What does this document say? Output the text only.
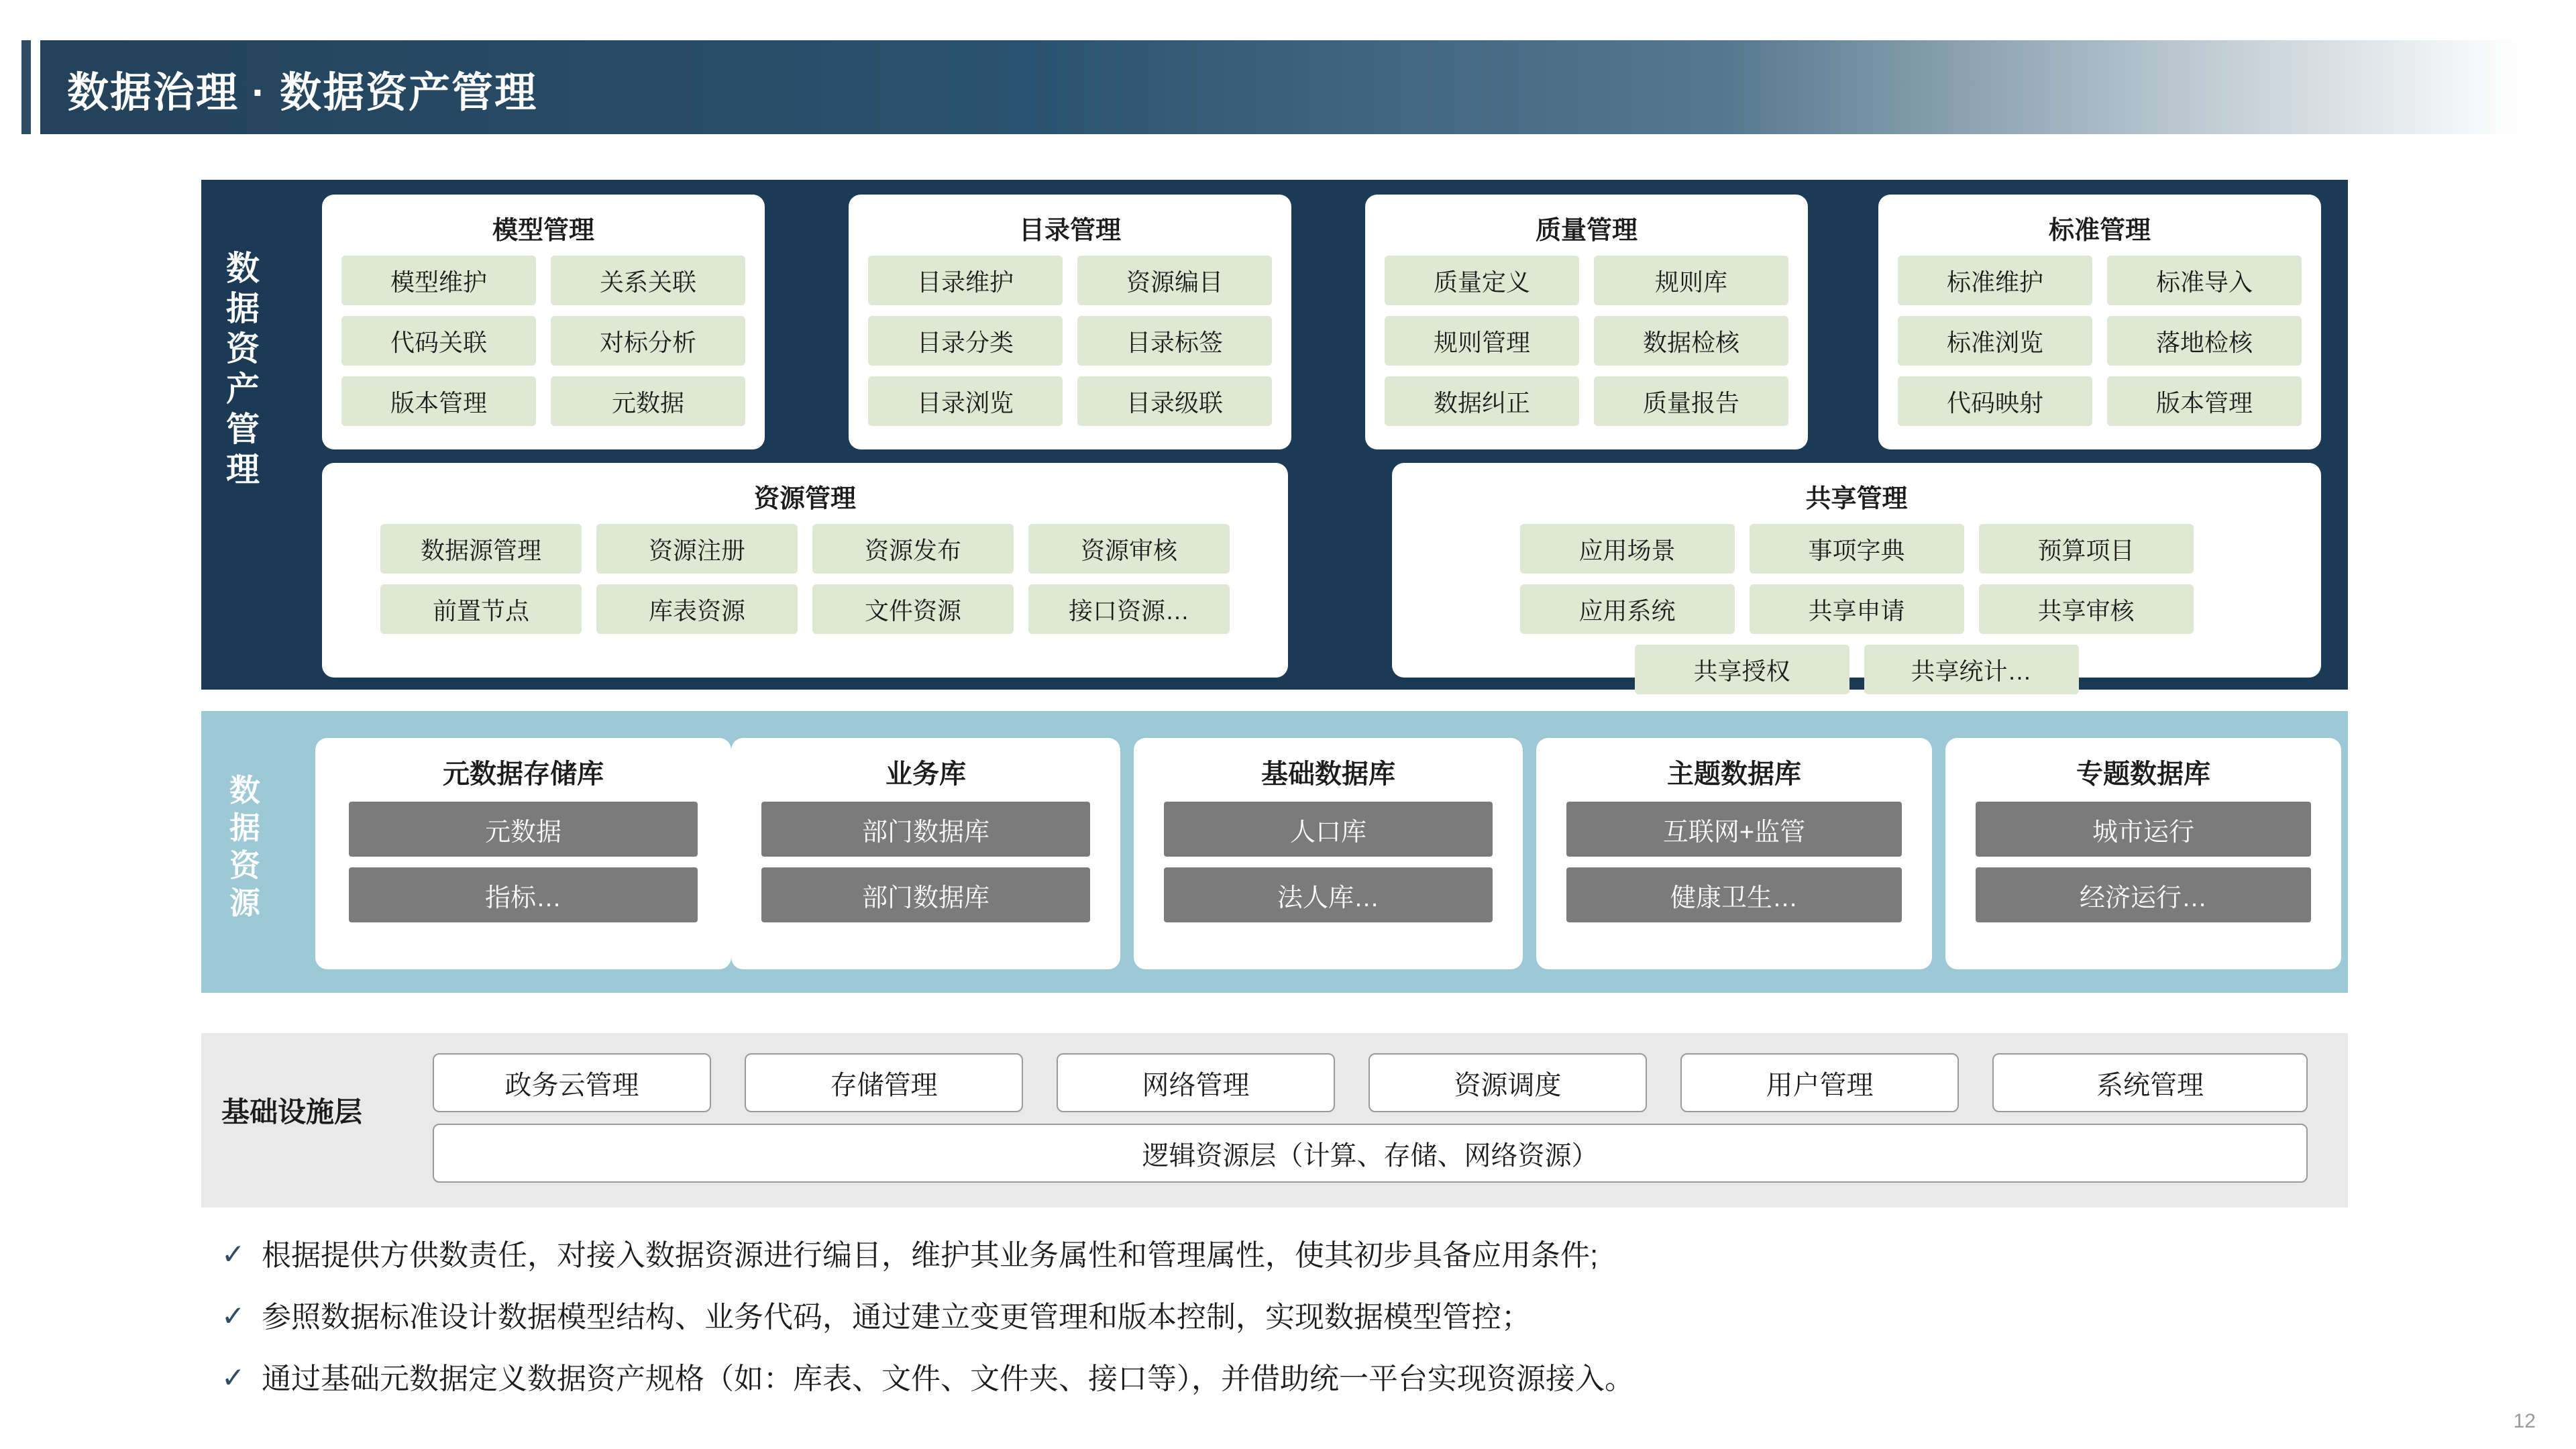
数据治理 · 数据资产管理
数据资产管理
模型管理
模型维护	关系关联
代码关联	对标分析
版本管理	元数据
目录管理
目录维护	资源编目
目录分类	目录标签
目录浏览	目录级联
质量管理
质量定义	规则库
规则管理	数据检核
数据纠正	质量报告
标准管理
标准维护	标准导入
标准浏览	落地检核
代码映射	版本管理
资源管理
数据源管理	资源注册	资源发布	资源审核
前置节点	库表资源	文件资源	接口资源…
共享管理
应用场景	事项字典	预算项目
应用系统	共享申请	共享审核
共享授权	共享统计…
数据资源
元数据存储库
元数据
指标…
业务库
部门数据库
部门数据库
基础数据库
人口库
法人库…
主题数据库
互联网+监管
健康卫生…
专题数据库
城市运行
经济运行…
基础设施层
政务云管理	存储管理	网络管理	资源调度	用户管理	系统管理
逻辑资源层（计算、存储、网络资源）
✓ 根据提供方供数责任，对接入数据资源进行编目，维护其业务属性和管理属性，使其初步具备应用条件;
✓ 参照数据标准设计数据模型结构、业务代码，通过建立变更管理和版本控制，实现数据模型管控；
✓ 通过基础元数据定义数据资产规格（如：库表、文件、文件夹、接口等），并借助统一平台实现资源接入。
12
